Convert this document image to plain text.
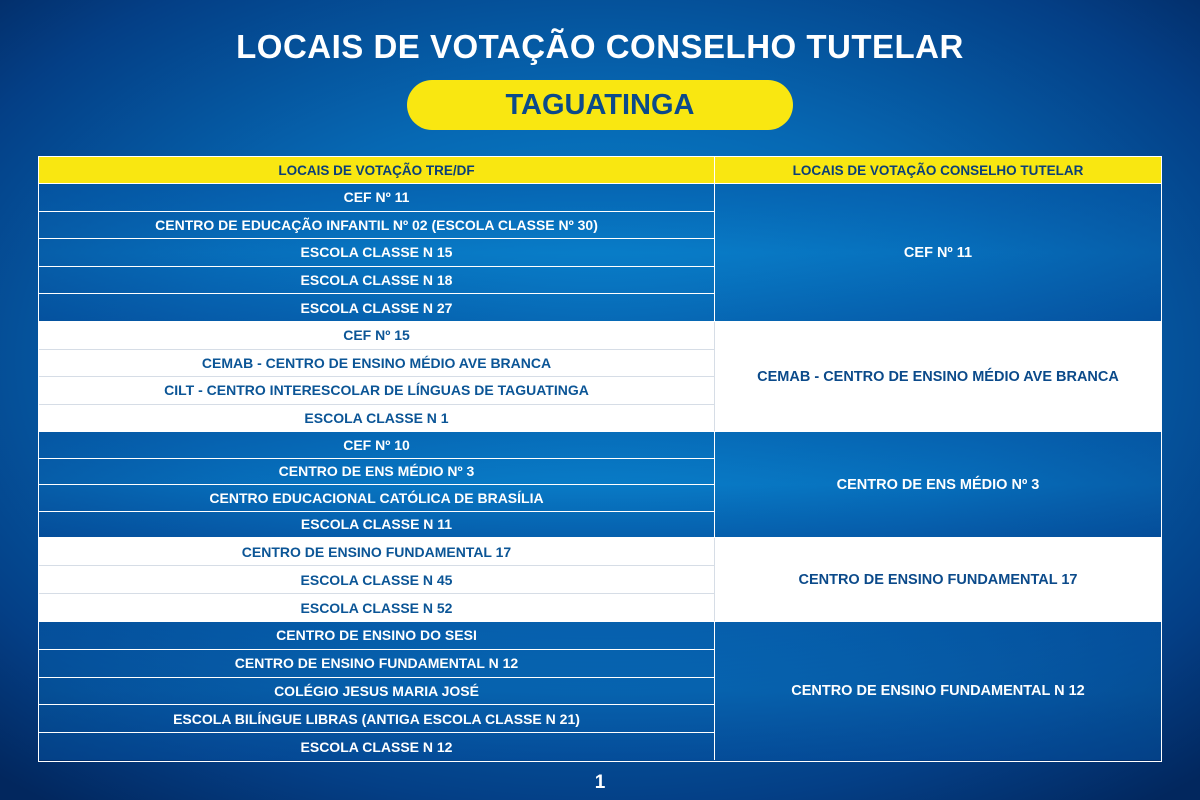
LOCAIS DE VOTAÇÃO CONSELHO TUTELAR
TAGUATINGA
LOCAIS DE VOTAÇÃO TRE/DF	LOCAIS DE VOTAÇÃO CONSELHO TUTELAR
CEF Nº 11
CENTRO DE EDUCAÇÃO INFANTIL Nº 02 (ESCOLA CLASSE Nº 30)
ESCOLA CLASSE N 15
ESCOLA CLASSE N 18
ESCOLA CLASSE N 27
CEF Nº 11
CEF Nº 15
CEMAB - CENTRO DE ENSINO MÉDIO AVE BRANCA
CILT - CENTRO INTERESCOLAR DE LÍNGUAS DE TAGUATINGA
ESCOLA CLASSE N 1
CEMAB - CENTRO DE ENSINO MÉDIO AVE BRANCA
CEF Nº 10
CENTRO DE ENS MÉDIO Nº 3
CENTRO EDUCACIONAL CATÓLICA DE BRASÍLIA
ESCOLA CLASSE N 11
CENTRO DE ENS MÉDIO Nº 3
CENTRO DE ENSINO FUNDAMENTAL 17
ESCOLA CLASSE N 45
ESCOLA CLASSE N 52
CENTRO DE ENSINO FUNDAMENTAL 17
CENTRO DE ENSINO DO SESI
CENTRO DE ENSINO FUNDAMENTAL N 12
COLÉGIO JESUS MARIA JOSÉ
ESCOLA BILÍNGUE LIBRAS (ANTIGA ESCOLA CLASSE N 21)
ESCOLA CLASSE N 12
CENTRO DE ENSINO FUNDAMENTAL N 12
1
